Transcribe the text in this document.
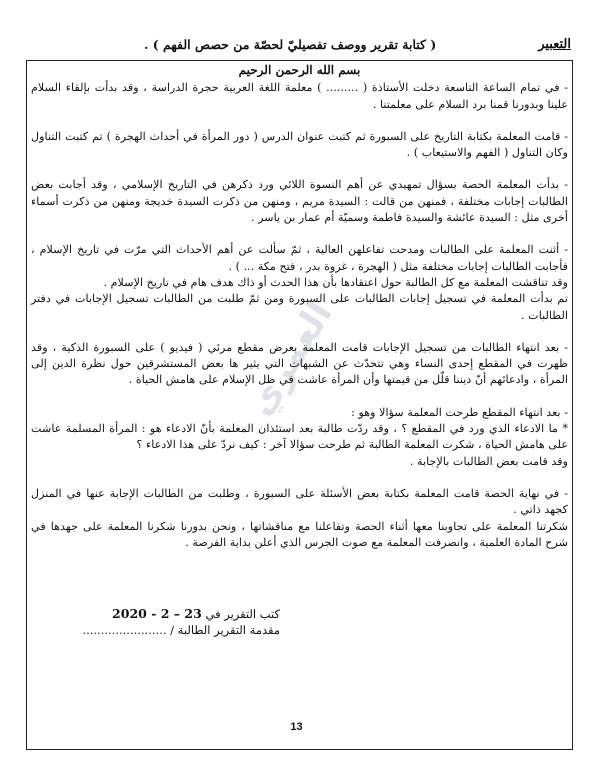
التعبير
( كتابة تقرير ووصف تفصيليّ لحصّة من حصص الفهم ) .
العمري

بسم الله الرحمن الرحيم

- في تمام الساعة التاسعة دخلت الأستاذة ( ......... ) معلمة اللغة العربية حجرة الدراسة ، وقد بدأت بإلقاء السلام علينا وبدورنا قمنا برد السلام على معلمتنا .

- قامت المعلمة بكتابة التاريخ على السبورة ثم كتبت عنوان الدرس ( دور المرأة في أحداث الهجرة ) تم كتبت التناول وكان التناول ( الفهم والاستيعاب ) .

- بدأت المعلمة الحصة بسؤال تمهيدي عن أهم النسوة اللائي ورد ذكرهن في التاريخ الإسلامي ، وقد أجابت بعض الطالبات إجابات مختلفة ، فمنهن من قالت : السيدة مريم ، ومنهن من ذكرت السيدة خديجة ومنهن من ذكرت أسماء أخرى مثل : السيدة عائشة والسيدة فاطمة وسميّة أم عمار بن ياسر .

- أثنت المعلمة على الطالبات ومدحت تفاعلهن العالية ، ثمّ سألت عن أهم الأحداث التي مرّت في تاريخ الإسلام ، فأجابت الطالبات إجابات مختلفة مثل ( الهجرة ، غزوة بدر ، فتح مكة ... ) .

وقد تناقشت المعلمة مع كل الطالبة حول اعتقادها بأن هذا الحدث أو ذاك هدف هام في تاريخ الإسلام .

تم بدأت المعلمة في تسجيل إجابات الطالبات على السبورة ومن ثمّ طلبت من الطالبات تسجيل الإجابات في دفتر الطالبات .

- بعد انتهاء الطالبات من تسجيل الإجابات قامت المعلمة بعرض مقطع مرئي ( فيديو ) على السبورة الذكية ، وقد ظهرت في المقطع إحدى النساء وهي تتحدّث عن الشبهات التي يثير ها بعض المستشرقين حول نظرة الدين إلى المرأة ، وادعائهم أنّ ديننا قلّل من قيمتها وأن المرأة عاشت في ظل الإسلام على هامش الحياة .

- بعد انتهاء المقطع طرحت المعلمة سؤالا وهو :

* ما الادعاء الذي ورد في المقطع ؟ ، وقد ردّت طالبة بعد استئذان المعلمة بأنّ الادعاء هو : المرأة المسلمة عاشت على هامش الحياة ، شكرت المعلمة الطالبة ثم طرحت سؤالا آخر : كيف نردّ على هذا الادعاء ؟

وقد قامت بعض الطالبات بالإجابة .

- في نهاية الحصة قامت المعلمة بكتابة بعض الأسئلة على السبورة ، وطلبت من الطالبات الإجابة عنها في المنزل كجهد ذاتي .

شكرتنا المعلمة على تجاوبنا معها أثناء الحصة وتفاعلنا مع مناقشاتها ، ونحن بدورنا شكرنا المعلمة على جهدها في شرح المادة العلمية ، وانصرفت المعلمة مع صوت الجرس الذي أعلن بداية الفرصة .

كتب التقرير في 23 – 2 - 2020
مقدمة التقرير الطالبة / .......................
13
